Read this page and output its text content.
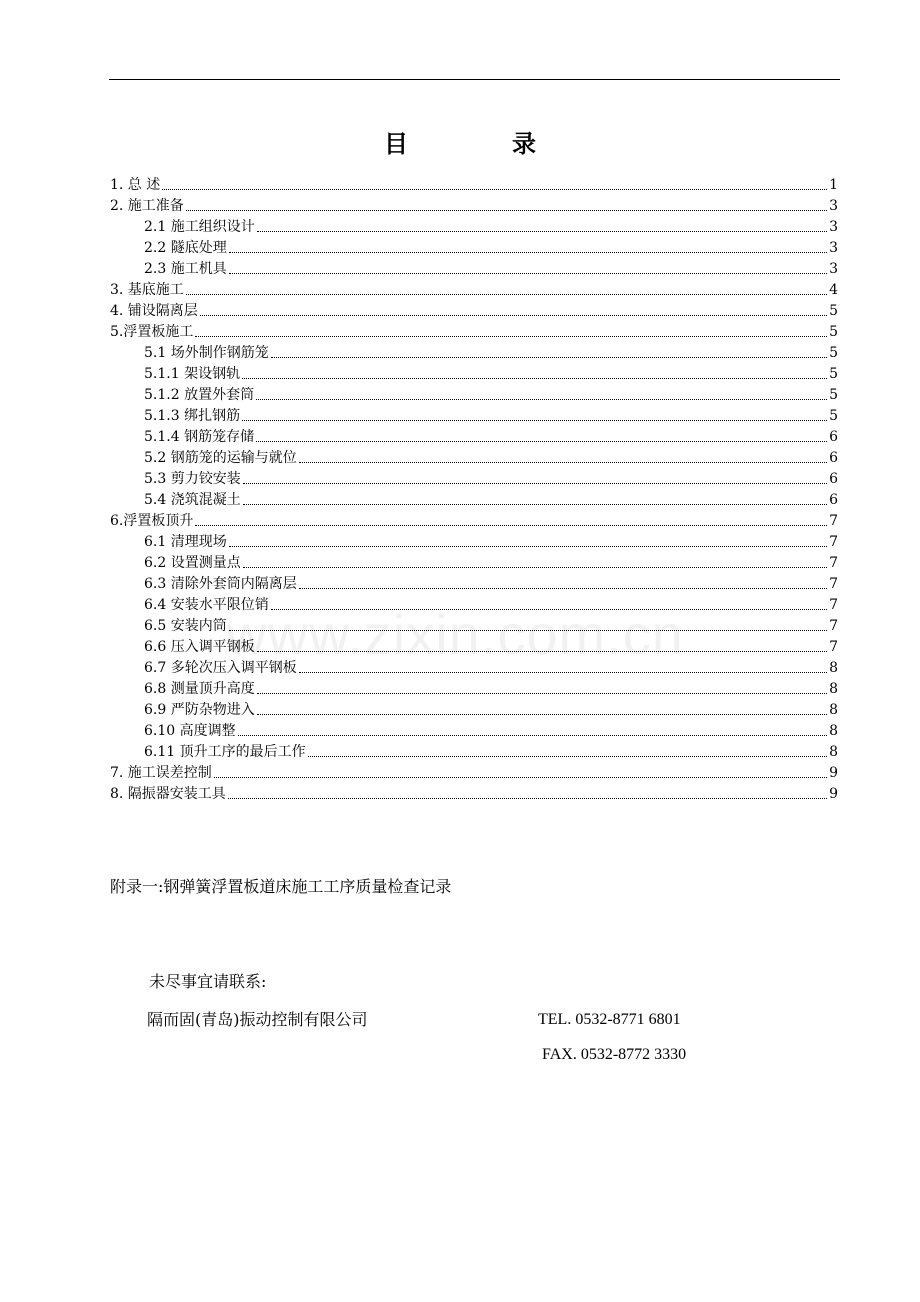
www.zixin.com.cn
目　录
1. 总 述	1
2. 施工准备	3
2.1 施工组织设计	3
2.2 隧底处理	3
2.3 施工机具	3
3. 基底施工	4
4. 铺设隔离层	5
5.浮置板施工	5
5.1 场外制作钢筋笼	5
5.1.1 架设钢轨	5
5.1.2 放置外套筒	5
5.1.3 绑扎钢筋	5
5.1.4 钢筋笼存储	6
5.2 钢筋笼的运输与就位	6
5.3 剪力铰安装	6
5.4 浇筑混凝土	6
6.浮置板顶升	7
6.1 清理现场	7
6.2 设置测量点	7
6.3 清除外套筒内隔离层	7
6.4 安装水平限位销	7
6.5 安装内筒	7
6.6 压入调平钢板	7
6.7 多轮次压入调平钢板	8
6.8 测量顶升高度	8
6.9 严防杂物进入	8
6.10 高度调整	8
6.11 顶升工序的最后工作	8
7. 施工误差控制	9
8. 隔振器安装工具	9
附录一:钢弹簧浮置板道床施工工序质量检查记录
未尽事宜请联系:
隔而固(青岛)振动控制有限公司	TEL. 0532-8771 6801
FAX. 0532-8772 3330
